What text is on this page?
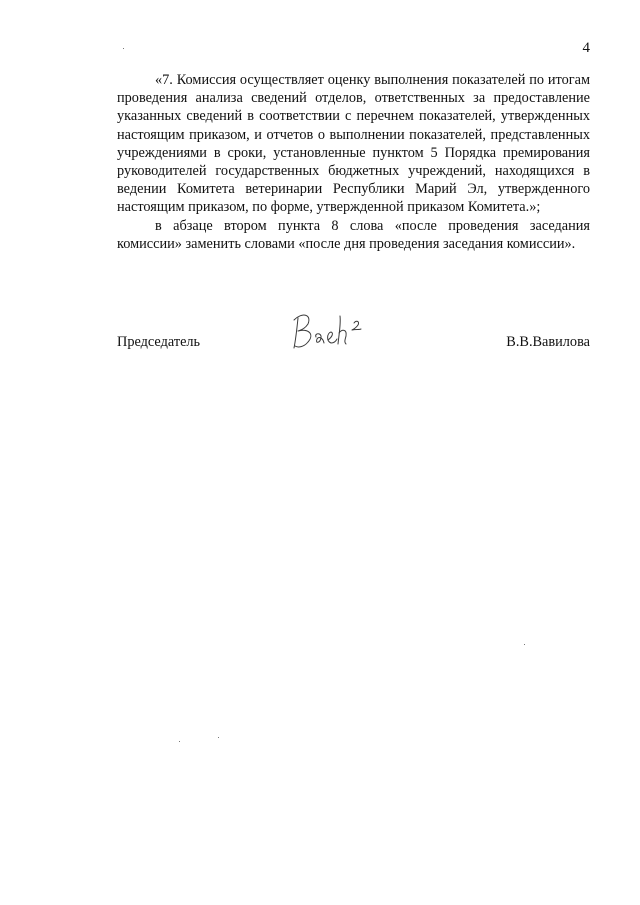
4

«7. Комиссия осуществляет оценку выполнения показателей по итогам проведения анализа сведений отделов, ответственных за предоставление указанных сведений в соответствии с перечнем показателей, утвержденных настоящим приказом, и отчетов о выполнении показателей, представленных учреждениями в сроки, установленные пунктом 5 Порядка премирования руководителей государственных бюджетных учреждений, находящихся в ведении Комитета ветеринарии Республики Марий Эл, утвержденного настоящим приказом, по форме, утвержденной приказом Комитета.»;

в абзаце втором пункта 8 слова «после проведения заседания комиссии» заменить словами «после дня проведения заседания комиссии».

Председатель	В.В.Вавилова
